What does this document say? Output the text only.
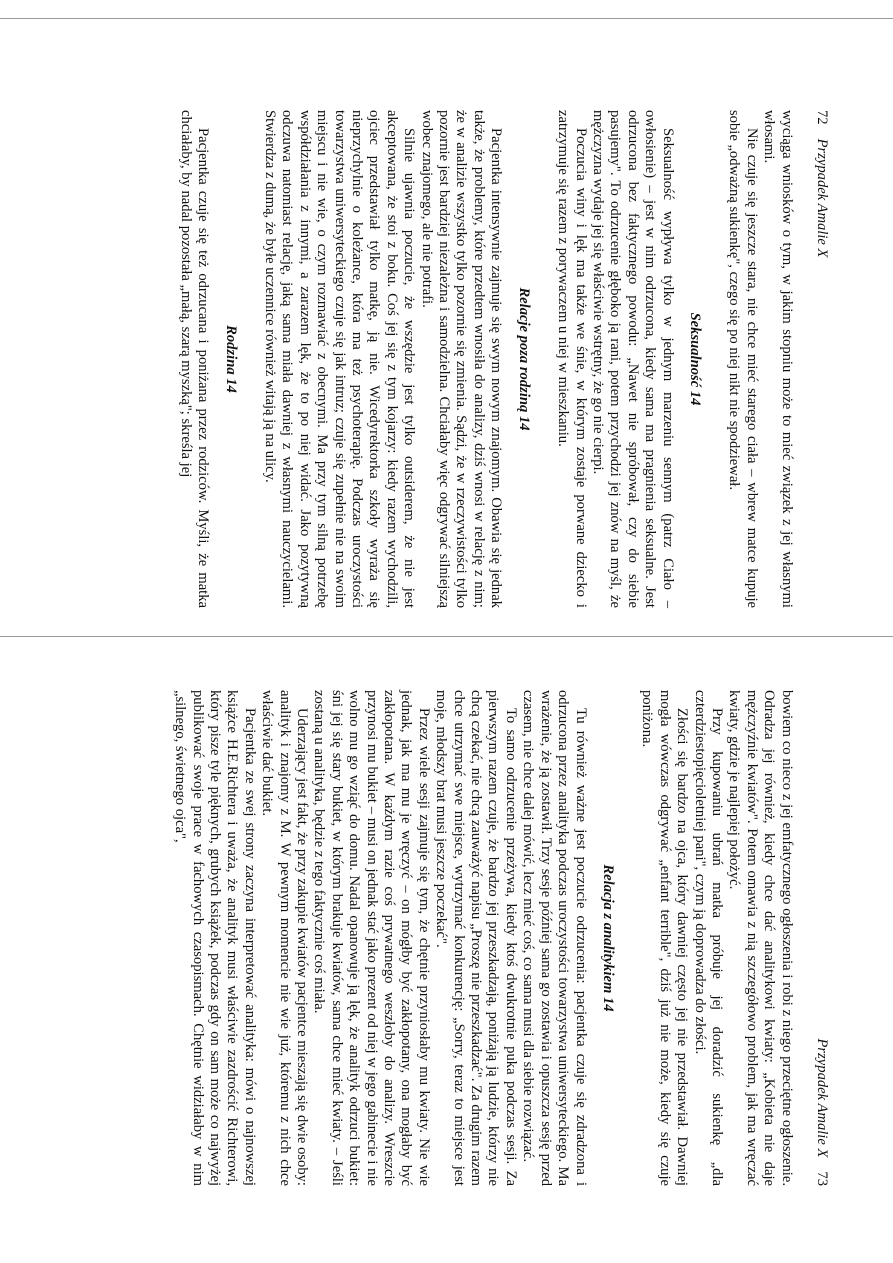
72
Przypadek Amalie X

wyciąga wniosków o tym, w jakim stopniu może to mieć związek z jej własnymi włosami.

Nie czuje się jeszcze stara, nie chce mieć starego ciała – wbrew matce kupuje sobie „odważną sukienkę", czego się po niej nikt nie spodziewał.

Seksualność 14

Seksualność wypływa tylko w jednym marzeniu sennym (patrz Ciało – owłosienie) – jest w nim odrzucona, kiedy sama ma pragnienia seksualne. Jest odrzucona bez faktycznego powodu: „Nawet nie spróbował, czy do siebie pasujemy". To odrzucenie głęboko ją rani, potem przychodzi jej znów na myśl, że mężczyzna wydaje jej się właściwie wstrętny, że go nie cierpi.

Poczucia winy i lęk ma także we śnie, w którym zostaje porwane dziecko i zatrzymuje się razem z porywaczem u niej w mieszkaniu.

Relacje poza rodziną 14

Pacjentka intensywnie zajmuje się swym nowym znajomym. Obawia się jednak także, że problemy, które przedtem wnosiła do analizy, dziś wnosi w relację z nim; że w analizie wszystko tylko pozornie się zmienia. Sądzi, że w rzeczywistości tylko pozornie jest bardziej niezależna i samodzielna. Chciałaby więc odgrywać silniejszą wobec znajomego, ale nie potrafi.

Silnie ujawnia poczucie, że wszędzie jest tylko outsiderem, że nie jest akceptowana, że stoi z boku. Coś jej się z tym kojarzy: kiedy razem wychodzili, ojciec przedstawiał tylko matkę, ją nie. Wicedyrektorka szkoły wyraża się nieprzychylnie o koleżance, która ma też psychoterapię. Podczas uroczystości towarzystwa uniwersyteckiego czuje się jak intruz; czuje się zupełnie nie na swoim miejscu i nie wie, o czym rozmawiać z obecnymi. Ma przy tym silną potrzebę współdziałania z innymi, a zarazem lęk, że to po niej widać. Jako pozytywną odczuwa natomiast relację, jaką sama miała dawniej z własnymi nauczycielami. Stwierdza z dumą, że byłe uczennice również witają ją na ulicy.

Rodzina 14

Pacjentka czuje się też odrzucana i poniżana przez rodziców. Myśli, że matka chciałaby, by nadal pozostała „małą, szarą myszką"; skreśla jej

Przypadek Amalie X
73

bowiem co nieco z jej emfatycznego ogłoszenia i robi z niego przeciętne ogłoszenie. Odradza jej również, kiedy chce dać analitykowi kwiaty: „Kobieta nie daje mężczyźnie kwiatów". Potem omawia z nią szczegółowo problem, jak ma wręczać kwiaty, gdzie je najlepiej położyć.

Przy kupowaniu ubrań matka próbuje jej doradzić sukienkę „dla czterdziestopięcioletniej pani", czym ją doprowadza do złości.

Złości się bardzo na ojca, który dawniej często jej nie przedstawiał. Dawniej mogła wówczas odgrywać „enfant terrible", dziś już nie może, kiedy się czuje poniżona.

Relacja z analitykiem 14

Tu również ważne jest poczucie odrzucenia: pacjentka czuje się zdradzona i odrzucona przez analityka podczas uroczystości towarzystwa uniwersyteckiego. Ma wrażenie, że ją zostawił. Trzy sesje później sama go zostawia i opuszcza sesję przed czasem, nie chce dalej mówić, lecz mieć coś, co sama musi dla siebie rozwiązać.

To samo odrzucenie przeżywa, kiedy ktoś dwukrotnie puka podczas sesji. Za pierwszym razem czuje, że bardzo jej przeszkadzają, poniżają ją ludzie, którzy nie chcą czekać, nie chcą zauważyć napisu „Proszę nie przeszkadzać". Za drugim razem chce utrzymać swe miejsce, wytrzymać konkurencję: „Sorry, teraz to miejsce jest moje, młodszy brat musi jeszcze poczekać".

Przez wiele sesji zajmuje się tym, że chętnie przyniosłaby mu kwiaty. Nie wie jednak, jak ma mu je wręczyć – on mógłby być zakłopotany, ona mogłaby być zakłopotana. W każdym razie coś prywatnego weszłoby do analizy. Wreszcie przynosi mu bukiet – musi on jednak stać jako prezent od niej w jego gabinecie i nie wolno mu go wziąć do domu. Nadal opanowuje ją lęk, że analityk odrzuci bukiet: śni jej się stary bukiet, w którym brakuje kwiatów, sama chce mieć kwiaty. – Jeśli zostaną u analityka, będzie z tego faktycznie coś miała.

Uderzający jest fakt, że przy zakupie kwiatów pacjentce mieszają się dwie osoby: analityk i znajomy z M. W pewnym momencie nie wie już, któremu z nich chce właściwie dać bukiet.

Pacjentka ze swej strony zaczyna interpretować analityka: mówi o najnowszej książce H.E.Richtera i uważa, że analityk musi właściwie zazdrościć Richterowi, który pisze tyle pięknych, grubych książek, podczas gdy on sam może co najwyżej publikować swoje prace w fachowych czasopismach. Chętnie widziałaby w nim „silnego, świetnego ojca",
